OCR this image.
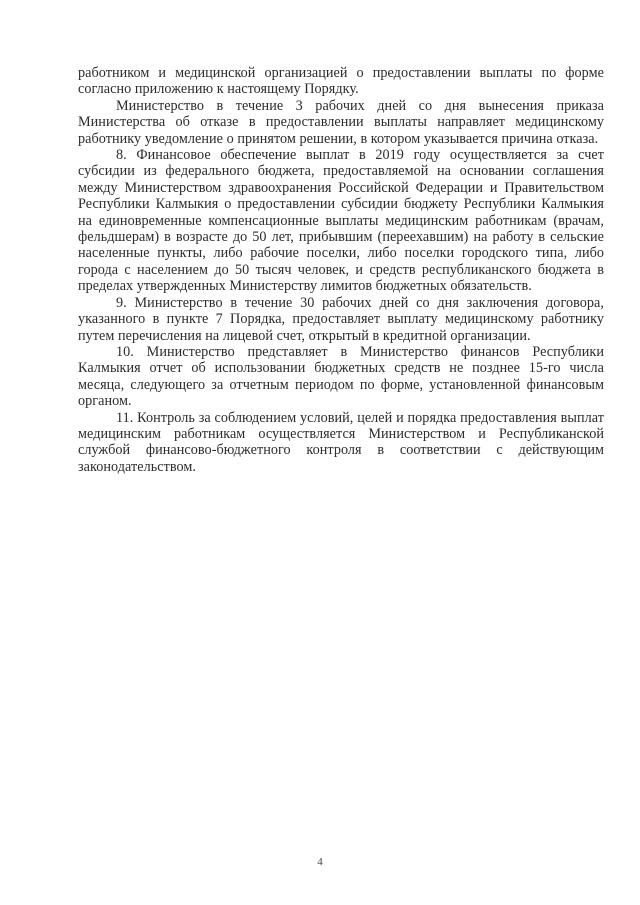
работником и медицинской организацией о предоставлении выплаты по форме согласно приложению к настоящему Порядку.

Министерство в течение 3 рабочих дней со дня вынесения приказа Министерства об отказе в предоставлении выплаты направляет медицинскому работнику уведомление о принятом решении, в котором указывается причина отказа.

8. Финансовое обеспечение выплат в 2019 году осуществляется за счет субсидии из федерального бюджета, предоставляемой на основании соглашения между Министерством здравоохранения Российской Федерации и Правительством Республики Калмыкия о предоставлении субсидии бюджету Республики Калмыкия на единовременные компенсационные выплаты медицинским работникам (врачам, фельдшерам) в возрасте до 50 лет, прибывшим (переехавшим) на работу в сельские населенные пункты, либо рабочие поселки, либо поселки городского типа, либо города с населением до 50 тысяч человек, и средств республиканского бюджета в пределах утвержденных Министерству лимитов бюджетных обязательств.

9. Министерство в течение 30 рабочих дней со дня заключения договора, указанного в пункте 7 Порядка, предоставляет выплату медицинскому работнику путем перечисления на лицевой счет, открытый в кредитной организации.

10. Министерство представляет в Министерство финансов Республики Калмыкия отчет об использовании бюджетных средств не позднее 15-го числа месяца, следующего за отчетным периодом по форме, установленной финансовым органом.

11. Контроль за соблюдением условий, целей и порядка предоставления выплат медицинским работникам осуществляется Министерством и Республиканской службой финансово-бюджетного контроля в соответствии с действующим законодательством.

4
